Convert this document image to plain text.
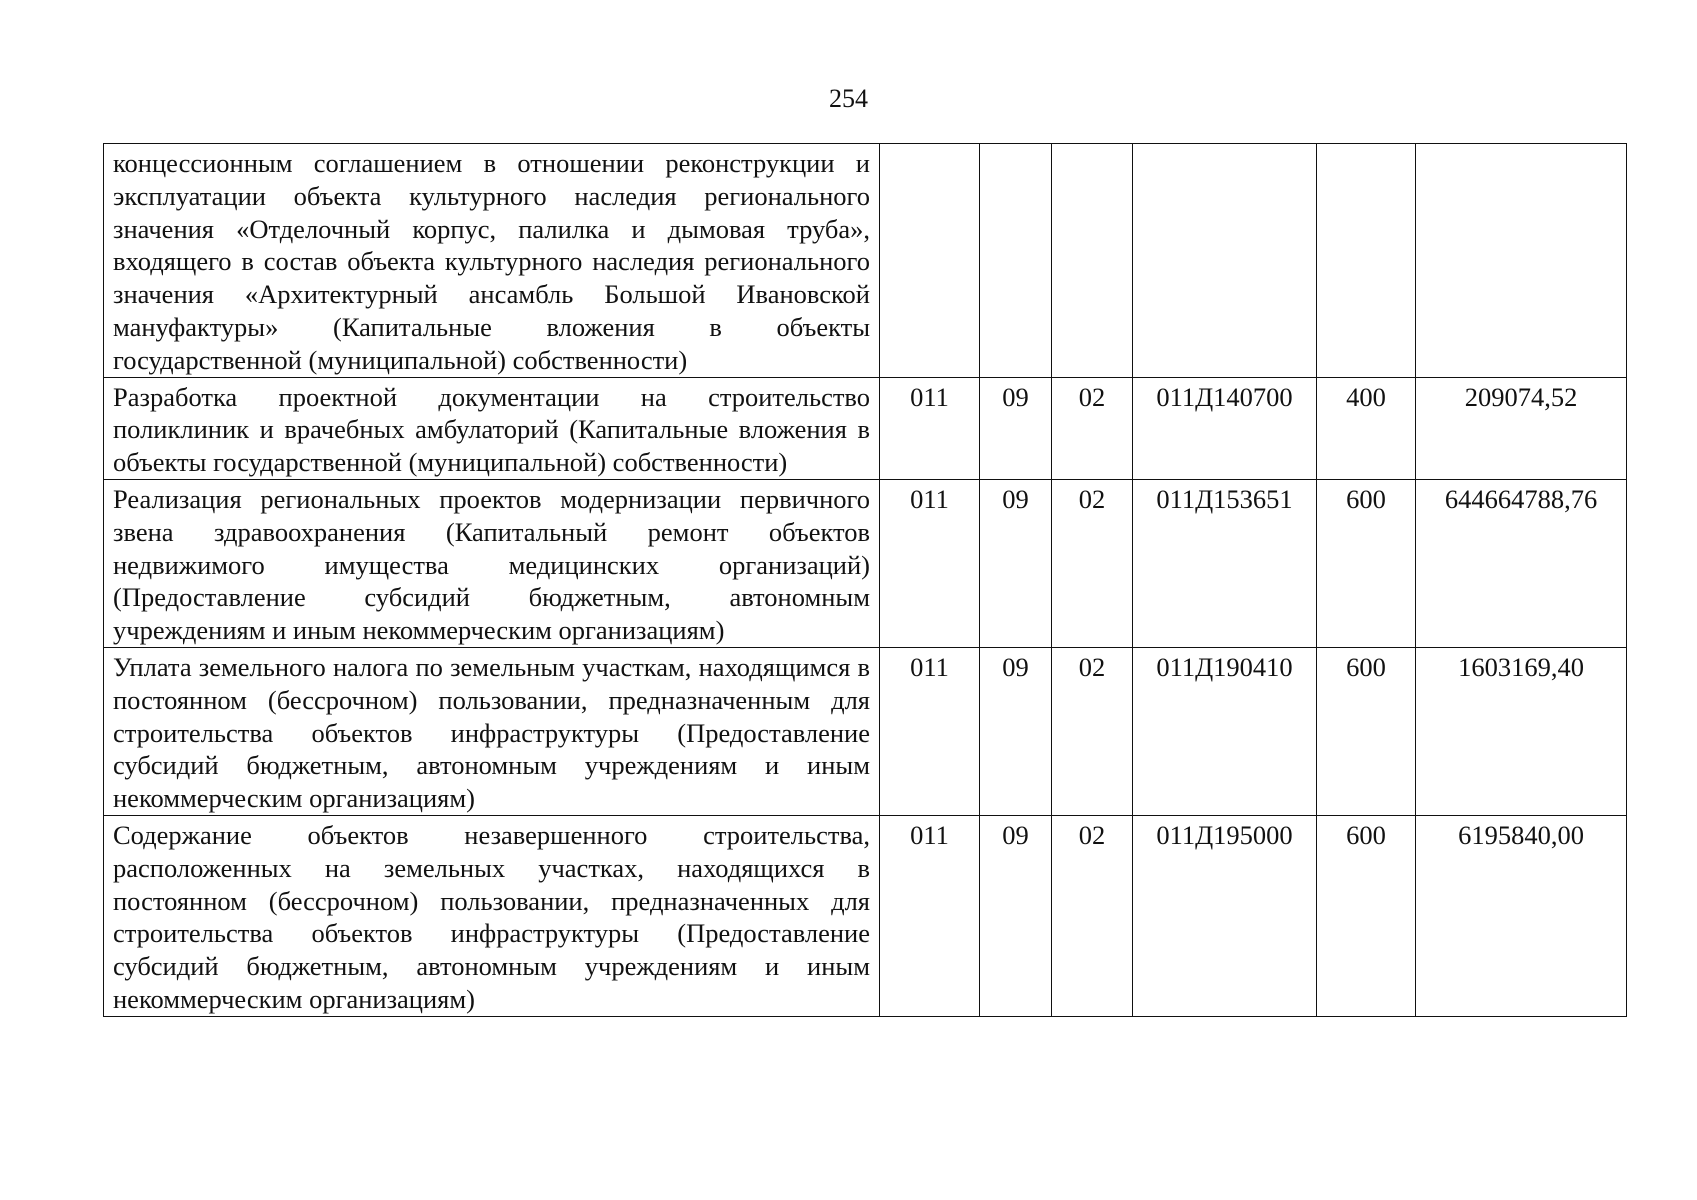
254
концессионным соглашением в отношении реконструкции и эксплуатации объекта культурного наследия регионального значения «Отделочный корпус, палилка и дымовая труба», входящего в состав объекта культурного наследия регионального значения «Архитектурный ансамбль Большой Ивановской мануфактуры» (Капитальные вложения в объекты государственной (муниципальной) собственности)						
Разработка проектной документации на строительство поликлиник и врачебных амбулаторий (Капитальные вложения в объекты государственной (муниципальной) собственности)	011	09	02	011Д140700	400	209074,52
Реализация региональных проектов модернизации первичного звена здравоохранения (Капитальный ремонт объектов недвижимого имущества медицинских организаций) (Предоставление субсидий бюджетным, автономным учреждениям и иным некоммерческим организациям)	011	09	02	011Д153651	600	644664788,76
Уплата земельного налога по земельным участкам, находящимся в постоянном (бессрочном) пользовании, предназначенным для строительства объектов инфраструктуры (Предоставление субсидий бюджетным, автономным учреждениям и иным некоммерческим организациям)	011	09	02	011Д190410	600	1603169,40
Содержание объектов незавершенного строительства, расположенных на земельных участках, находящихся в постоянном (бессрочном) пользовании, предназначенных для строительства объектов инфраструктуры (Предоставление субсидий бюджетным, автономным учреждениям и иным некоммерческим организациям)	011	09	02	011Д195000	600	6195840,00
